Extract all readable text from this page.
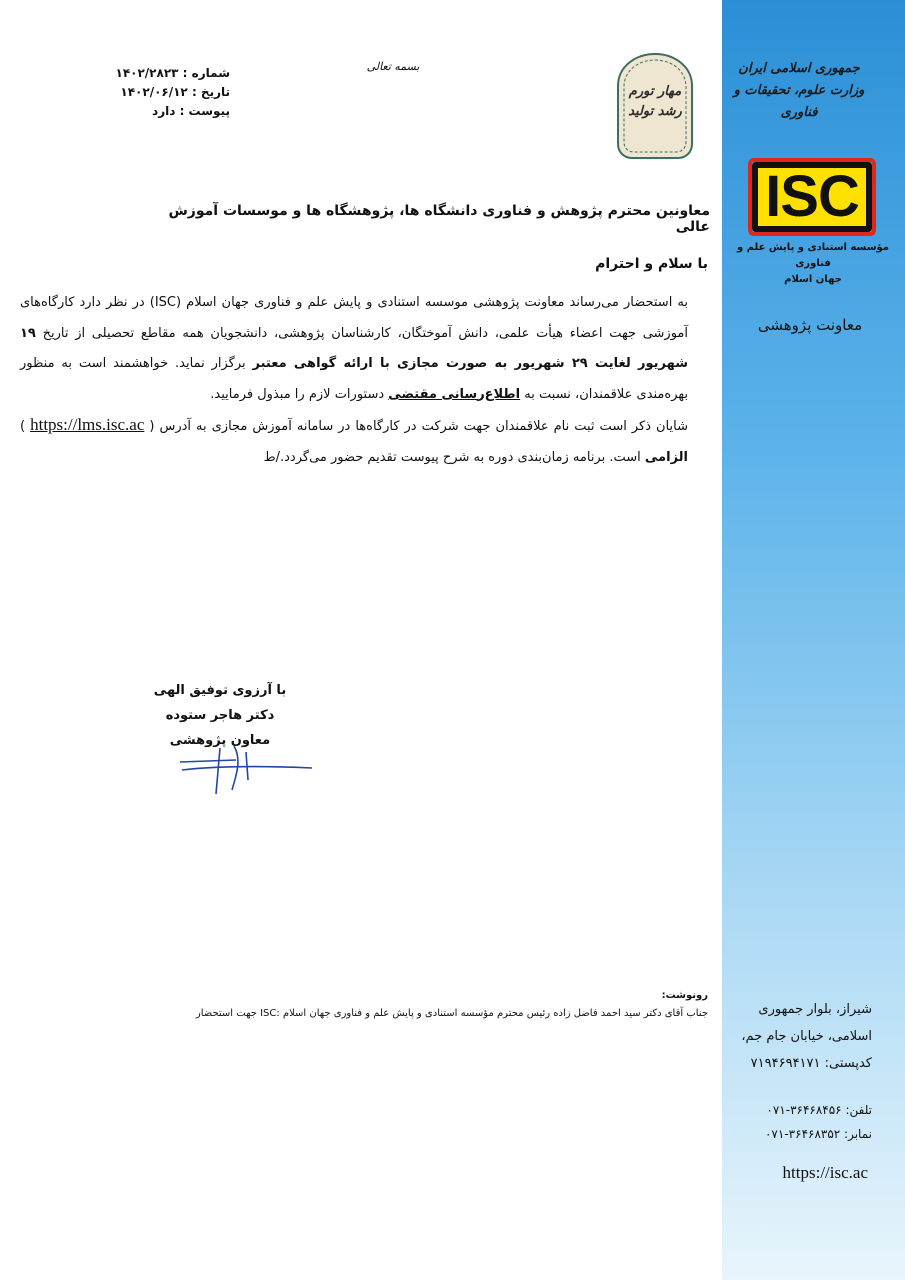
جمهوری اسلامی ایران
وزارت علوم، تحقیقات و فناوری
ISC
مؤسسه استنادی و پایش علم و فناوری
جهان اسلام
معاونت پژوهشی
شیراز، بلوار جمهوری
اسلامی، خیابان جام جم،
کدپستی: ۷۱۹۴۶۹۴۱۷۱
تلفن: ۳۶۴۶۸۴۵۶-۰۷۱
نمابر: ۳۶۴۶۸۳۵۲-۰۷۱
https://isc.ac
بسمه تعالی
مهار تورم
رشد تولید
شماره : ۱۴۰۲/۲۸۲۳
تاریخ : ۱۴۰۲/۰۶/۱۲
پیوست : دارد
معاونین محترم پژوهش و فناوری دانشگاه ها، پژوهشگاه ها و موسسات آموزش عالی
با سلام و احترام

به استحضار می‌رساند معاونت پژوهشی موسسه استنادی و پایش علم و فناوری جهان اسلام (ISC) در نظر دارد کارگاه‌های آموزشی جهت اعضاء هیأت علمی، دانش آموختگان، کارشناسان پژوهشی، دانشجویان همه مقاطع تحصیلی از تاریخ ۱۹ شهریور لغایت ۲۹ شهریور به صورت مجازی با ارائه گواهی معتبر برگزار نماید. خواهشمند است به منظور بهره‌مندی علاقمندان، نسبت به اطلاع‌رسانی مقتضی دستورات لازم را مبذول فرمایید.

شایان ذکر است ثبت نام علاقمندان جهت شرکت در کارگاه‌ها در سامانه آموزش مجازی به آدرس ( https://lms.isc.ac ) الزامی است. برنامه زمان‌بندی دوره به شرح پیوست تقدیم حضور می‌گردد./ط

با آرزوی توفیق الهی
دکتر هاجر ستوده
معاون پژوهشی
رونوشت:
جناب آقای دکتر سید احمد فاضل زاده رئیس محترم مؤسسه استنادی و پایش علم و فناوری جهان اسلام :ISC جهت استحضار
